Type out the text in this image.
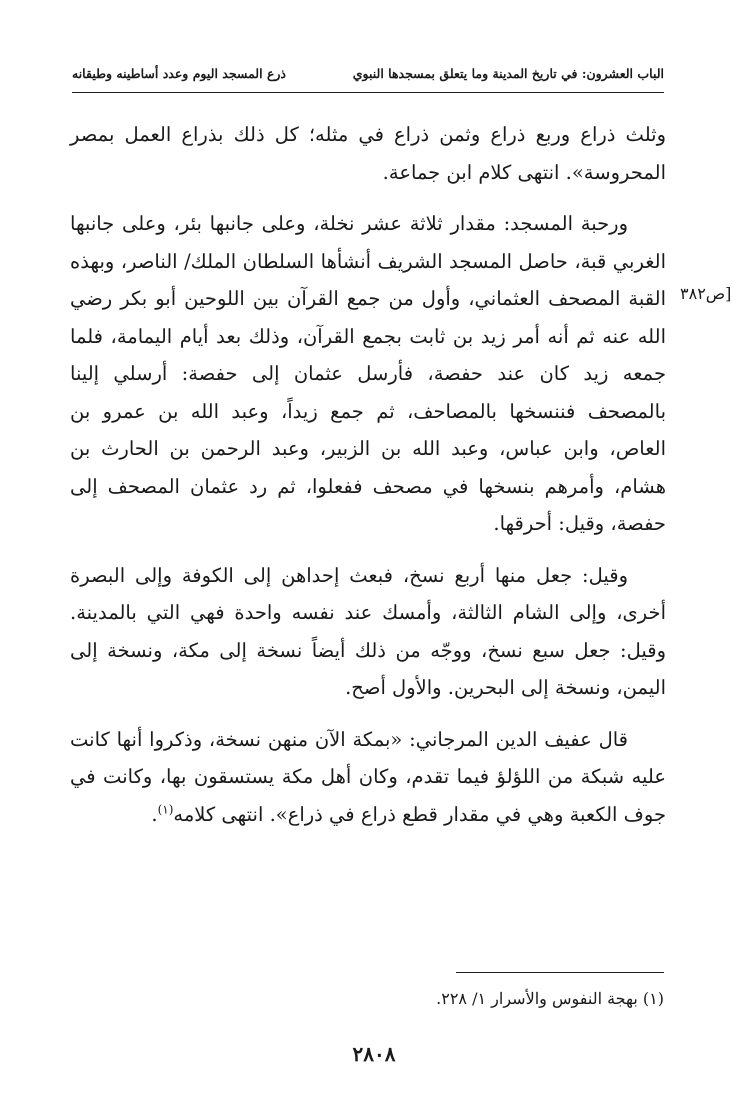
الباب العشرون: في تاريخ المدينة وما يتعلق بمسجدها النبوي
ذرع المسجد اليوم وعدد أساطينه وطيقانه
[ص٣٨٢

وثلث ذراع وربع ذراع وثمن ذراع في مثله؛ كل ذلك بذراع العمل بمصر المحروسة». انتهى كلام ابن جماعة.

ورحبة المسجد: مقدار ثلاثة عشر نخلة، وعلى جانبها بئر، وعلى جانبها الغربي قبة، حاصل المسجد الشريف أنشأها السلطان الملك/ الناصر، وبهذه القبة المصحف العثماني، وأول من جمع القرآن بين اللوحين أبو بكر رضي الله عنه ثم أنه أمر زيد بن ثابت بجمع القرآن، وذلك بعد أيام اليمامة، فلما جمعه زيد كان عند حفصة، فأرسل عثمان إلى حفصة: أرسلي إلينا بالمصحف فننسخها بالمصاحف، ثم جمع زيداً، وعبد الله بن عمرو بن العاص، وابن عباس، وعبد الله بن الزبير، وعبد الرحمن بن الحارث بن هشام، وأمرهم بنسخها في مصحف ففعلوا، ثم رد عثمان المصحف إلى حفصة، وقيل: أحرقها.

وقيل: جعل منها أربع نسخ، فبعث إحداهن إلى الكوفة وإلى البصرة أخرى، وإلى الشام الثالثة، وأمسك عند نفسه واحدة فهي التي بالمدينة. وقيل: جعل سبع نسخ، ووجّه من ذلك أيضاً نسخة إلى مكة، ونسخة إلى اليمن، ونسخة إلى البحرين. والأول أصح.

قال عفيف الدين المرجاني: «بمكة الآن منهن نسخة، وذكروا أنها كانت عليه شبكة من اللؤلؤ فيما تقدم، وكان أهل مكة يستسقون بها، وكانت في جوف الكعبة وهي في مقدار قطع ذراع في ذراع». انتهى كلامه$^{(١)}$.

(١) بهجة النفوس والأسرار ١/ ٢٢٨.
٢٨٠٨
